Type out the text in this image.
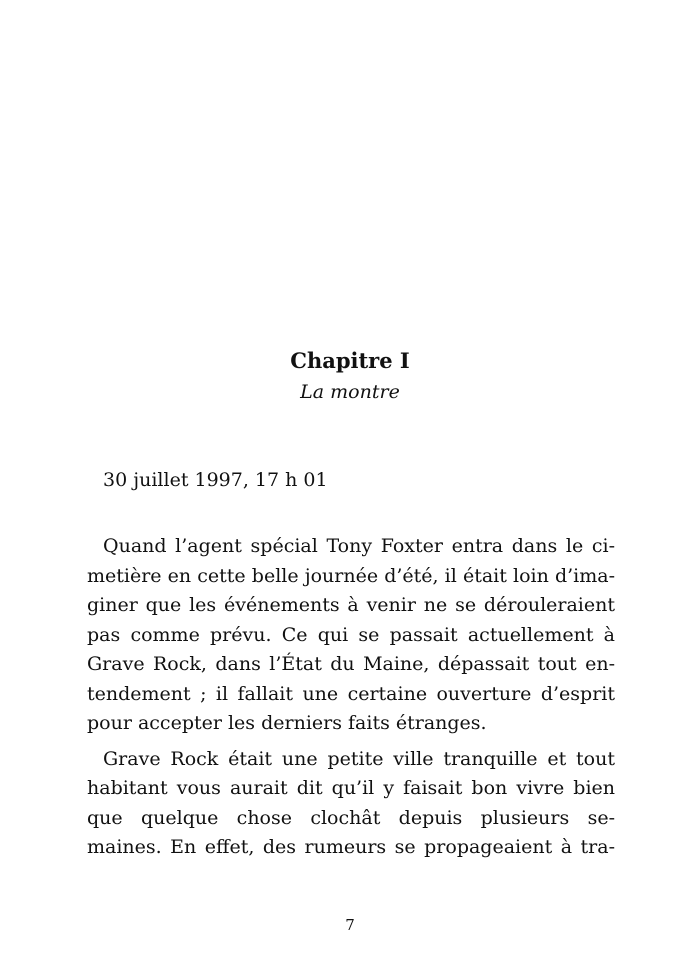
Chapitre I
La montre
30 juillet 1997, 17 h 01
Quand l’agent spécial Tony Foxter entra dans le ci-
metière en cette belle journée d’été, il était loin d’ima-
giner que les événements à venir ne se dérouleraient
pas comme prévu. Ce qui se passait actuellement à
Grave Rock, dans l’État du Maine, dépassait tout en-
tendement ; il fallait une certaine ouverture d’esprit
pour accepter les derniers faits étranges.
Grave Rock était une petite ville tranquille et tout
habitant vous aurait dit qu’il y faisait bon vivre bien
que quelque chose clochât depuis plusieurs se-
maines. En effet, des rumeurs se propageaient à tra-
7
